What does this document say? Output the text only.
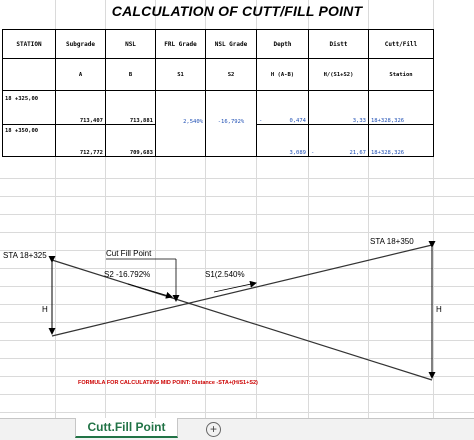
CALCULATION OF CUTT/FILL POINT
STATION	Subgrade	NSL	FRL Grade	NSL Grade	Depth	Distt	Cutt/Fill
	A	B	S1	S2	H (A-B)	H/(S1+S2)	Station
18 +325,00	713,407	713,881	2,540%	-16,792%	- 0,474	3,33	18+328,326
18 +350,00	712,772	709,683			3,089	- 21,67	18+328,326
STA 18+325
STA 18+350
Cut Fill Point
S2 -16.792%	S1(2.540%
H	H
FORMULA FOR CALCULATING MID POINT: Distance -STA+(H/S1+S2)
Cutt.Fill Point	+
